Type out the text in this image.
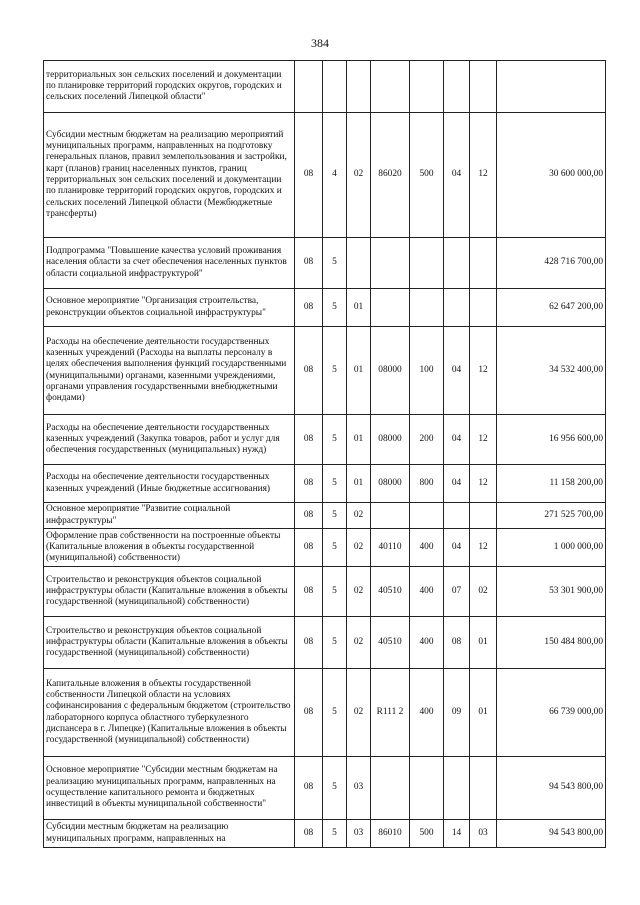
384
территориальных зон сельских поселений и документации по планировке территорий городских округов, городских и сельских поселений Липецкой области"								
Субсидии местным бюджетам на реализацию мероприятий муниципальных программ, направленных на подготовку генеральных планов, правил землепользования и застройки, карт (планов) границ населенных пунктов, границ территориальных зон сельских поселений и документации по планировке территорий городских округов, городских и сельских поселений Липецкой области (Межбюджетные трансферты)	08	4	02	86020	500	04	12	30 600 000,00
Подпрограмма "Повышение качества условий проживания населения области за счет обеспечения населенных пунктов области социальной инфраструктурой"	08	5						428 716 700,00
Основное мероприятие "Организация строительства, реконструкции объектов социальной инфраструктуры"	08	5	01					62 647 200,00
Расходы на обеспечение деятельности государственных казенных учреждений (Расходы на выплаты персоналу в целях обеспечения выполнения функций государственными (муниципальными) органами, казенными учреждениями, органами управления государственными внебюджетными фондами)	08	5	01	08000	100	04	12	34 532 400,00
Расходы на обеспечение деятельности государственных казенных учреждений (Закупка товаров, работ и услуг для обеспечения государственных (муниципальных) нужд)	08	5	01	08000	200	04	12	16 956 600,00
Расходы на обеспечение деятельности государственных казенных учреждений (Иные бюджетные ассигнования)	08	5	01	08000	800	04	12	11 158 200,00
Основное мероприятие "Развитие социальной инфраструктуры"	08	5	02					271 525 700,00
Оформление прав собственности на построенные объекты (Капитальные вложения в объекты государственной (муниципальной) собственности)	08	5	02	40110	400	04	12	1 000 000,00
Строительство и реконструкция объектов социальной инфраструктуры области (Капитальные вложения в объекты государственной (муниципальной) собственности)	08	5	02	40510	400	07	02	53 301 900,00
Строительство и реконструкция объектов социальной инфраструктуры области (Капитальные вложения в объекты государственной (муниципальной) собственности)	08	5	02	40510	400	08	01	150 484 800,00
Капитальные вложения в объекты государственной собственности Липецкой области на условиях софинансирования с федеральным бюджетом (строительство лабораторного корпуса областного туберкулезного диспансера в г. Липецке) (Капитальные вложения в объекты государственной (муниципальной) собственности)	08	5	02	R111 2	400	09	01	66 739 000,00
Основное мероприятие "Субсидии местным бюджетам на реализацию муниципальных программ, направленных на осуществление капитального ремонта и бюджетных инвестиций в объекты муниципальной собственности"	08	5	03					94 543 800,00
Субсидии местным бюджетам на реализацию муниципальных программ, направленных на	08	5	03	86010	500	14	03	94 543 800,00
